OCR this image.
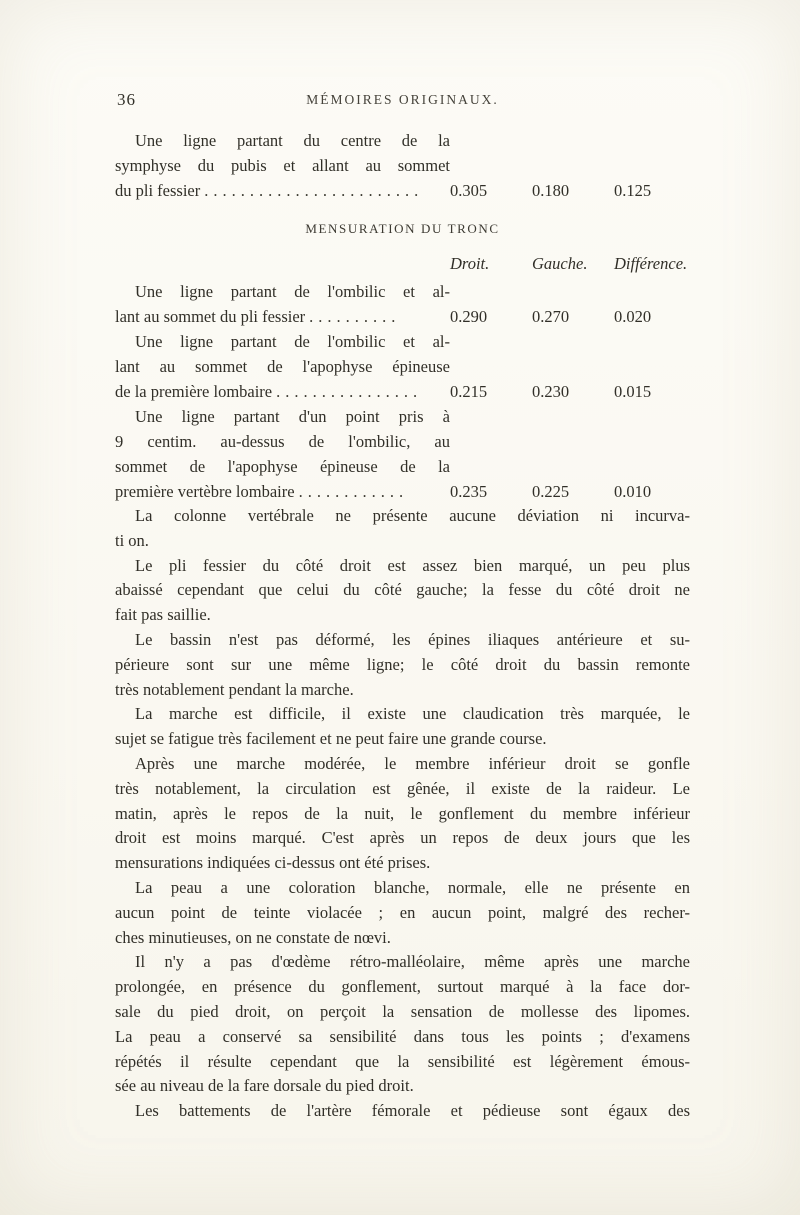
36	MÉMOIRES ORIGINAUX.
Une ligne partant du centre de la
symphyse du pubis et allant au sommet
du pli fessier ........................	0.305	0.180	0.125
MENSURATION DU TRONC
Droit.	Gauche.	Différence.
Une ligne partant de l'ombilic et al-
lant au sommet du pli fessier ..........	0.290	0.270	0.020
Une ligne partant de l'ombilic et al-
lant au sommet de l'apophyse épineuse
de la première lombaire ................	0.215	0.230	0.015
Une ligne partant d'un point pris à
9 centim. au-dessus de l'ombilic, au
sommet de l'apophyse épineuse de la
première vertèbre lombaire ............	0.235	0.225	0.010
La colonne vertébrale ne présente aucune déviation ni incurva-
ti on.
Le pli fessier du côté droit est assez bien marqué, un peu plus
abaissé cependant que celui du côté gauche; la fesse du côté droit ne
fait pas saillie.
Le bassin n'est pas déformé, les épines iliaques antérieure et su-
périeure sont sur une même ligne; le côté droit du bassin remonte
très notablement pendant la marche.
La marche est difficile, il existe une claudication très marquée, le
sujet se fatigue très facilement et ne peut faire une grande course.
Après une marche modérée, le membre inférieur droit se gonfle
très notablement, la circulation est gênée, il existe de la raideur. Le
matin, après le repos de la nuit, le gonflement du membre inférieur
droit est moins marqué. C'est après un repos de deux jours que les
mensurations indiquées ci-dessus ont été prises.
La peau a une coloration blanche, normale, elle ne présente en
aucun point de teinte violacée ; en aucun point, malgré des recher-
ches minutieuses, on ne constate de nœvi.
Il n'y a pas d'œdème rétro-malléolaire, même après une marche
prolongée, en présence du gonflement, surtout marqué à la face dor-
sale du pied droit, on perçoit la sensation de mollesse des lipomes.
La peau a conservé sa sensibilité dans tous les points ; d'examens
répétés il résulte cependant que la sensibilité est légèrement émous-
sée au niveau de la fare dorsale du pied droit.
Les battements de l'artère fémorale et pédieuse sont égaux des
